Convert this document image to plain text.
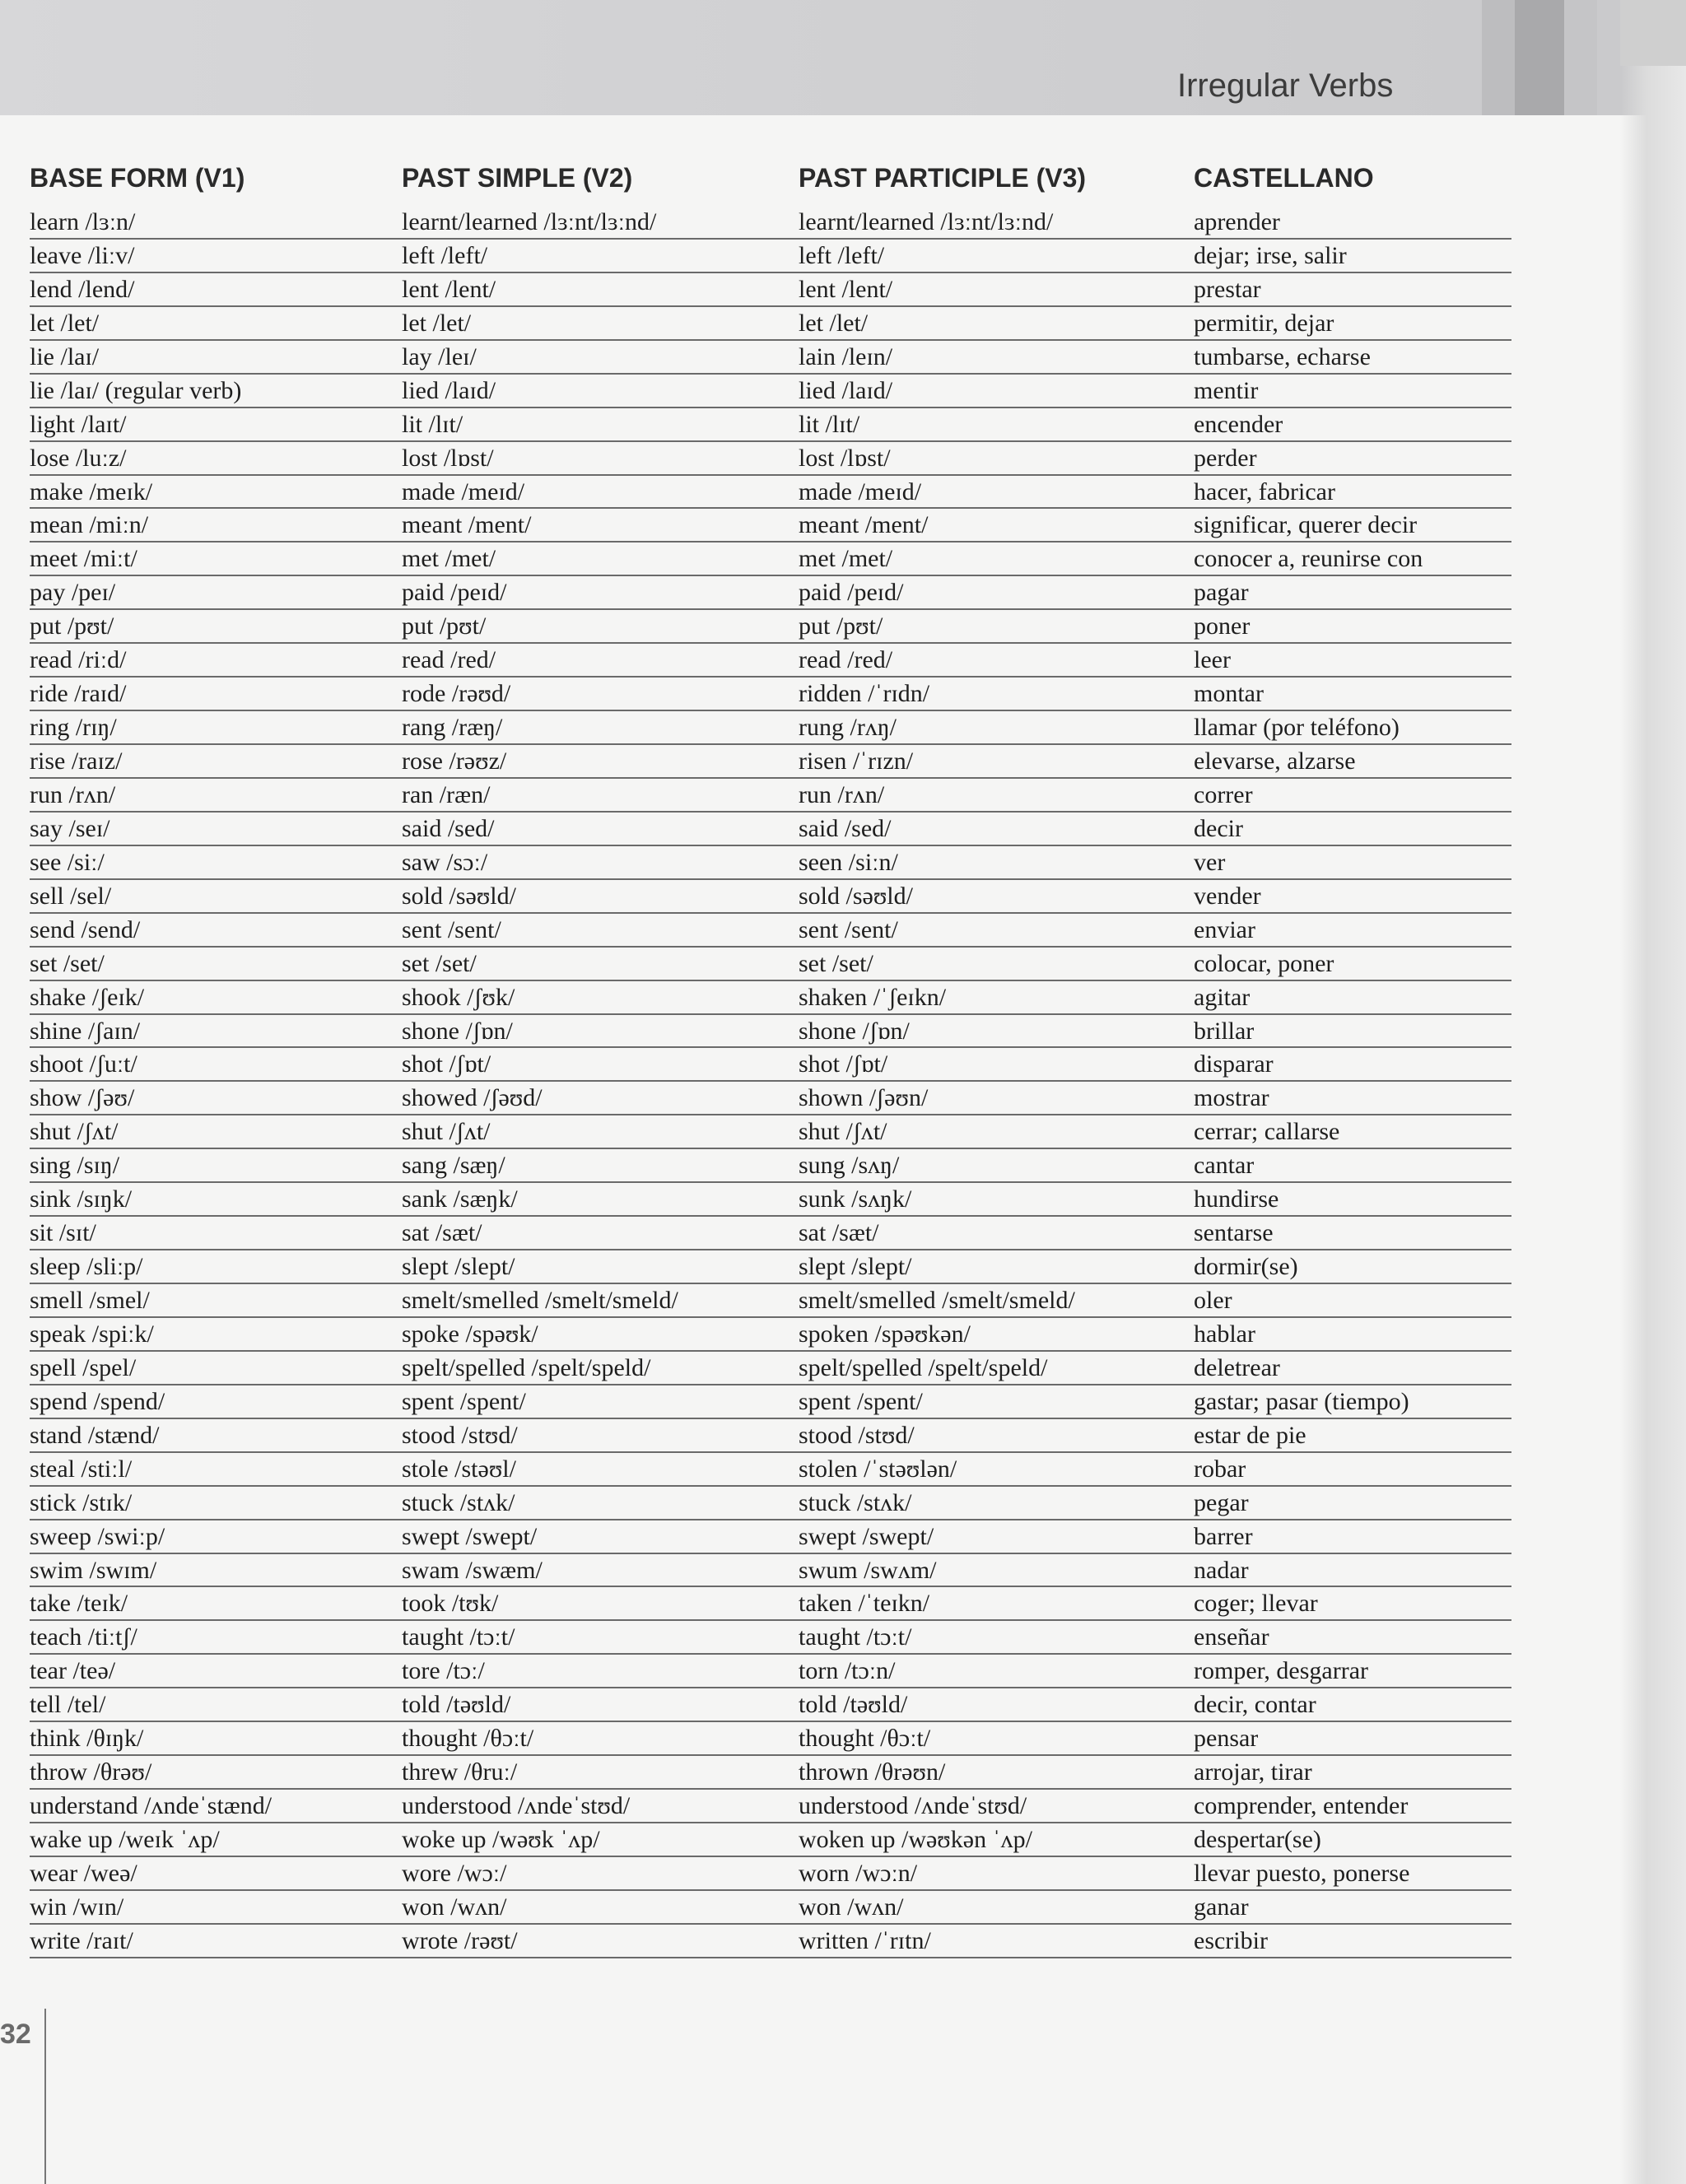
Irregular Verbs
BASE FORM (V1)	PAST SIMPLE (V2)	PAST PARTICIPLE (V3)	CASTELLANO
learn /lɜːn/	learnt/learned /lɜːnt/lɜːnd/	learnt/learned /lɜːnt/lɜːnd/	aprender
leave /liːv/	left /left/	left /left/	dejar; irse, salir
lend /lend/	lent /lent/	lent /lent/	prestar
let /let/	let /let/	let /let/	permitir, dejar
lie /laɪ/	lay /leɪ/	lain /leɪn/	tumbarse, echarse
lie /laɪ/ (regular verb)	lied /laɪd/	lied /laɪd/	mentir
light /laɪt/	lit /lɪt/	lit /lɪt/	encender
lose /luːz/	lost /lɒst/	lost /lɒst/	perder
make /meɪk/	made /meɪd/	made /meɪd/	hacer, fabricar
mean /miːn/	meant /ment/	meant /ment/	significar, querer decir
meet /miːt/	met /met/	met /met/	conocer a, reunirse con
pay /peɪ/	paid /peɪd/	paid /peɪd/	pagar
put /pʊt/	put /pʊt/	put /pʊt/	poner
read /riːd/	read /red/	read /red/	leer
ride /raɪd/	rode /rəʊd/	ridden /ˈrɪdn/	montar
ring /rɪŋ/	rang /ræŋ/	rung /rʌŋ/	llamar (por teléfono)
rise /raɪz/	rose /rəʊz/	risen /ˈrɪzn/	elevarse, alzarse
run /rʌn/	ran /ræn/	run /rʌn/	correr
say /seɪ/	said /sed/	said /sed/	decir
see /siː/	saw /sɔː/	seen /siːn/	ver
sell /sel/	sold /səʊld/	sold /səʊld/	vender
send /send/	sent /sent/	sent /sent/	enviar
set /set/	set /set/	set /set/	colocar, poner
shake /ʃeɪk/	shook /ʃʊk/	shaken /ˈʃeɪkn/	agitar
shine /ʃaɪn/	shone /ʃɒn/	shone /ʃɒn/	brillar
shoot /ʃuːt/	shot /ʃɒt/	shot /ʃɒt/	disparar
show /ʃəʊ/	showed /ʃəʊd/	shown /ʃəʊn/	mostrar
shut /ʃʌt/	shut /ʃʌt/	shut /ʃʌt/	cerrar; callarse
sing /sɪŋ/	sang /sæŋ/	sung /sʌŋ/	cantar
sink /sɪŋk/	sank /sæŋk/	sunk /sʌŋk/	hundirse
sit /sɪt/	sat /sæt/	sat /sæt/	sentarse
sleep /sliːp/	slept /slept/	slept /slept/	dormir(se)
smell /smel/	smelt/smelled /smelt/smeld/	smelt/smelled /smelt/smeld/	oler
speak /spiːk/	spoke /spəʊk/	spoken /spəʊkən/	hablar
spell /spel/	spelt/spelled /spelt/speld/	spelt/spelled /spelt/speld/	deletrear
spend /spend/	spent /spent/	spent /spent/	gastar; pasar (tiempo)
stand /stænd/	stood /stʊd/	stood /stʊd/	estar de pie
steal /stiːl/	stole /stəʊl/	stolen /ˈstəʊlən/	robar
stick /stɪk/	stuck /stʌk/	stuck /stʌk/	pegar
sweep /swiːp/	swept /swept/	swept /swept/	barrer
swim /swɪm/	swam /swæm/	swum /swʌm/	nadar
take /teɪk/	took /tʊk/	taken /ˈteɪkn/	coger; llevar
teach /tiːtʃ/	taught /tɔːt/	taught /tɔːt/	enseñar
tear /teə/	tore /tɔː/	torn /tɔːn/	romper, desgarrar
tell /tel/	told /təʊld/	told /təʊld/	decir, contar
think /θɪŋk/	thought /θɔːt/	thought /θɔːt/	pensar
throw /θrəʊ/	threw /θruː/	thrown /θrəʊn/	arrojar, tirar
understand /ʌndeˈstænd/	understood /ʌndeˈstʊd/	understood /ʌndeˈstʊd/	comprender, entender
wake up /weɪk ˈʌp/	woke up /wəʊk ˈʌp/	woken up /wəʊkən ˈʌp/	despertar(se)
wear /weə/	wore /wɔː/	worn /wɔːn/	llevar puesto, ponerse
win /wɪn/	won /wʌn/	won /wʌn/	ganar
write /raɪt/	wrote /rəʊt/	written /ˈrɪtn/	escribir
32
